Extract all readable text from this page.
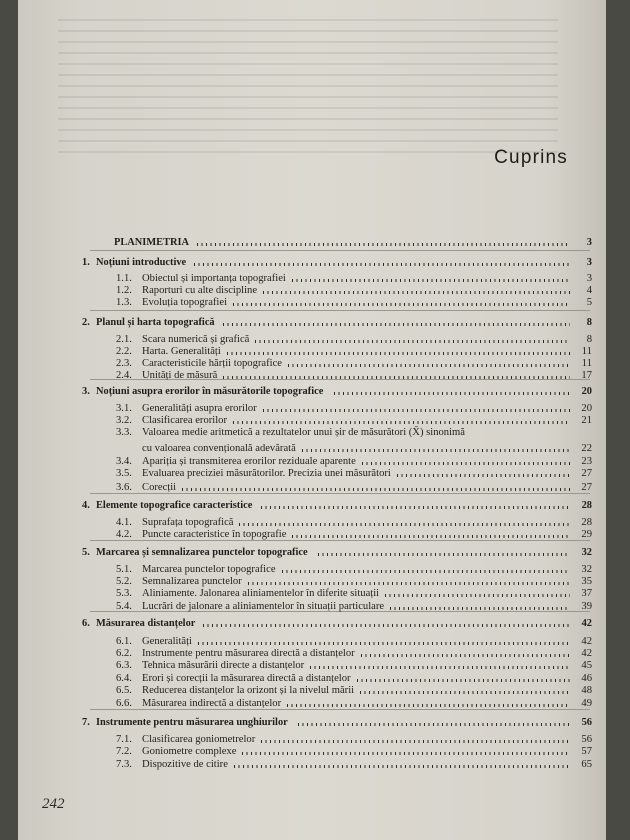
Cuprins
PLANIMETRIA	3
1. Noțiuni introductive	3
1.1. Obiectul și importanța topografiei	3
1.2. Raporturi cu alte discipline	4
1.3. Evoluția topografiei	5
2. Planul și harta topografică	8
2.1. Scara numerică și grafică	8
2.2. Harta. Generalități	11
2.3. Caracteristicile hărții topografice	11
2.4. Unități de măsură	17
3. Noțiuni asupra erorilor în măsurătorile topografice	20
3.1. Generalități asupra erorilor	20
3.2. Clasificarea erorilor	21
3.3. Valoarea medie aritmetică a rezultatelor unui șir de măsurători (X̄) sinonimă
cu valoarea convențională adevărată	22
3.4. Apariția și transmiterea erorilor reziduale aparente	23
3.5. Evaluarea preciziei măsurătorilor. Precizia unei măsurători	27
3.6. Corecții	27
4. Elemente topografice caracteristice	28
4.1. Suprafața topografică	28
4.2. Puncte caracteristice în topografie	29
5. Marcarea și semnalizarea punctelor topografice	32
5.1. Marcarea punctelor topografice	32
5.2. Semnalizarea punctelor	35
5.3. Aliniamente. Jalonarea aliniamentelor în diferite situații	37
5.4. Lucrări de jalonare a aliniamentelor în situații particulare	39
6. Măsurarea distanțelor	42
6.1. Generalități	42
6.2. Instrumente pentru măsurarea directă a distanțelor	42
6.3. Tehnica măsurării directe a distanțelor	45
6.4. Erori și corecții la măsurarea directă a distanțelor	46
6.5. Reducerea distanțelor la orizont și la nivelul mării	48
6.6. Măsurarea indirectă a distanțelor	49
7. Instrumente pentru măsurarea unghiurilor	56
7.1. Clasificarea goniometrelor	56
7.2. Goniometre complexe	57
7.3. Dispozitive de citire	65
242
